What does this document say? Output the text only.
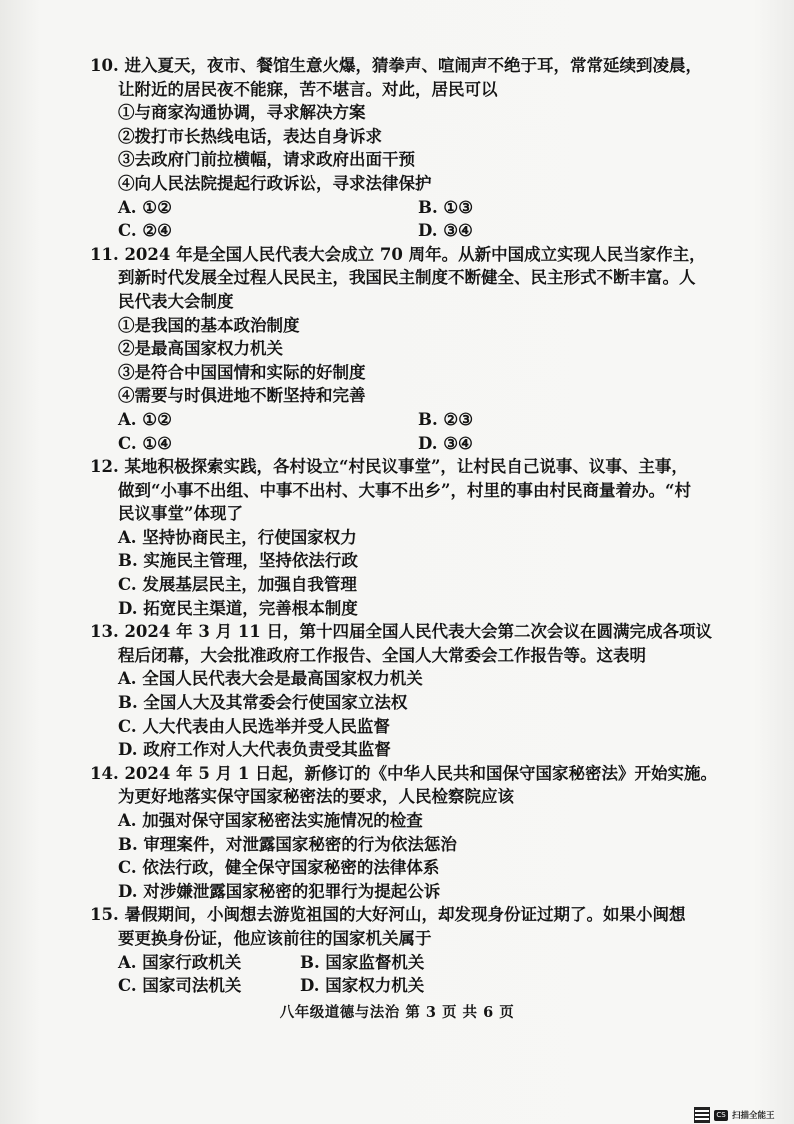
10. 进入夏天，夜市、餐馆生意火爆，猜拳声、喧闹声不绝于耳，常常延续到凌晨，
让附近的居民夜不能寐，苦不堪言。对此，居民可以
①与商家沟通协调，寻求解决方案
②拨打市长热线电话，表达自身诉求
③去政府门前拉横幅，请求政府出面干预
④向人民法院提起行政诉讼，寻求法律保护
A. ①②	B. ①③
C. ②④	D. ③④
11. 2024 年是全国人民代表大会成立 70 周年。从新中国成立实现人民当家作主，
到新时代发展全过程人民民主，我国民主制度不断健全、民主形式不断丰富。人
民代表大会制度
①是我国的基本政治制度
②是最高国家权力机关
③是符合中国国情和实际的好制度
④需要与时俱进地不断坚持和完善
A. ①②	B. ②③
C. ①④	D. ③④
12. 某地积极探索实践，各村设立“村民议事堂”，让村民自己说事、议事、主事，
做到“小事不出组、中事不出村、大事不出乡”，村里的事由村民商量着办。“村
民议事堂”体现了
A. 坚持协商民主，行使国家权力
B. 实施民主管理，坚持依法行政
C. 发展基层民主，加强自我管理
D. 拓宽民主渠道，完善根本制度
13. 2024 年 3 月 11 日，第十四届全国人民代表大会第二次会议在圆满完成各项议
程后闭幕，大会批准政府工作报告、全国人大常委会工作报告等。这表明
A. 全国人民代表大会是最高国家权力机关
B. 全国人大及其常委会行使国家立法权
C. 人大代表由人民选举并受人民监督
D. 政府工作对人大代表负责受其监督
14. 2024 年 5 月 1 日起，新修订的《中华人民共和国保守国家秘密法》开始实施。
为更好地落实保守国家秘密法的要求，人民检察院应该
A. 加强对保守国家秘密法实施情况的检查
B. 审理案件，对泄露国家秘密的行为依法惩治
C. 依法行政，健全保守国家秘密的法律体系
D. 对涉嫌泄露国家秘密的犯罪行为提起公诉
15. 暑假期间，小闽想去游览祖国的大好河山，却发现身份证过期了。如果小闽想
要更换身份证，他应该前往的国家机关属于
A. 国家行政机关	B. 国家监督机关
C. 国家司法机关	D. 国家权力机关
八年级道德与法治 第 3 页 共 6 页
CS 扫描全能王
